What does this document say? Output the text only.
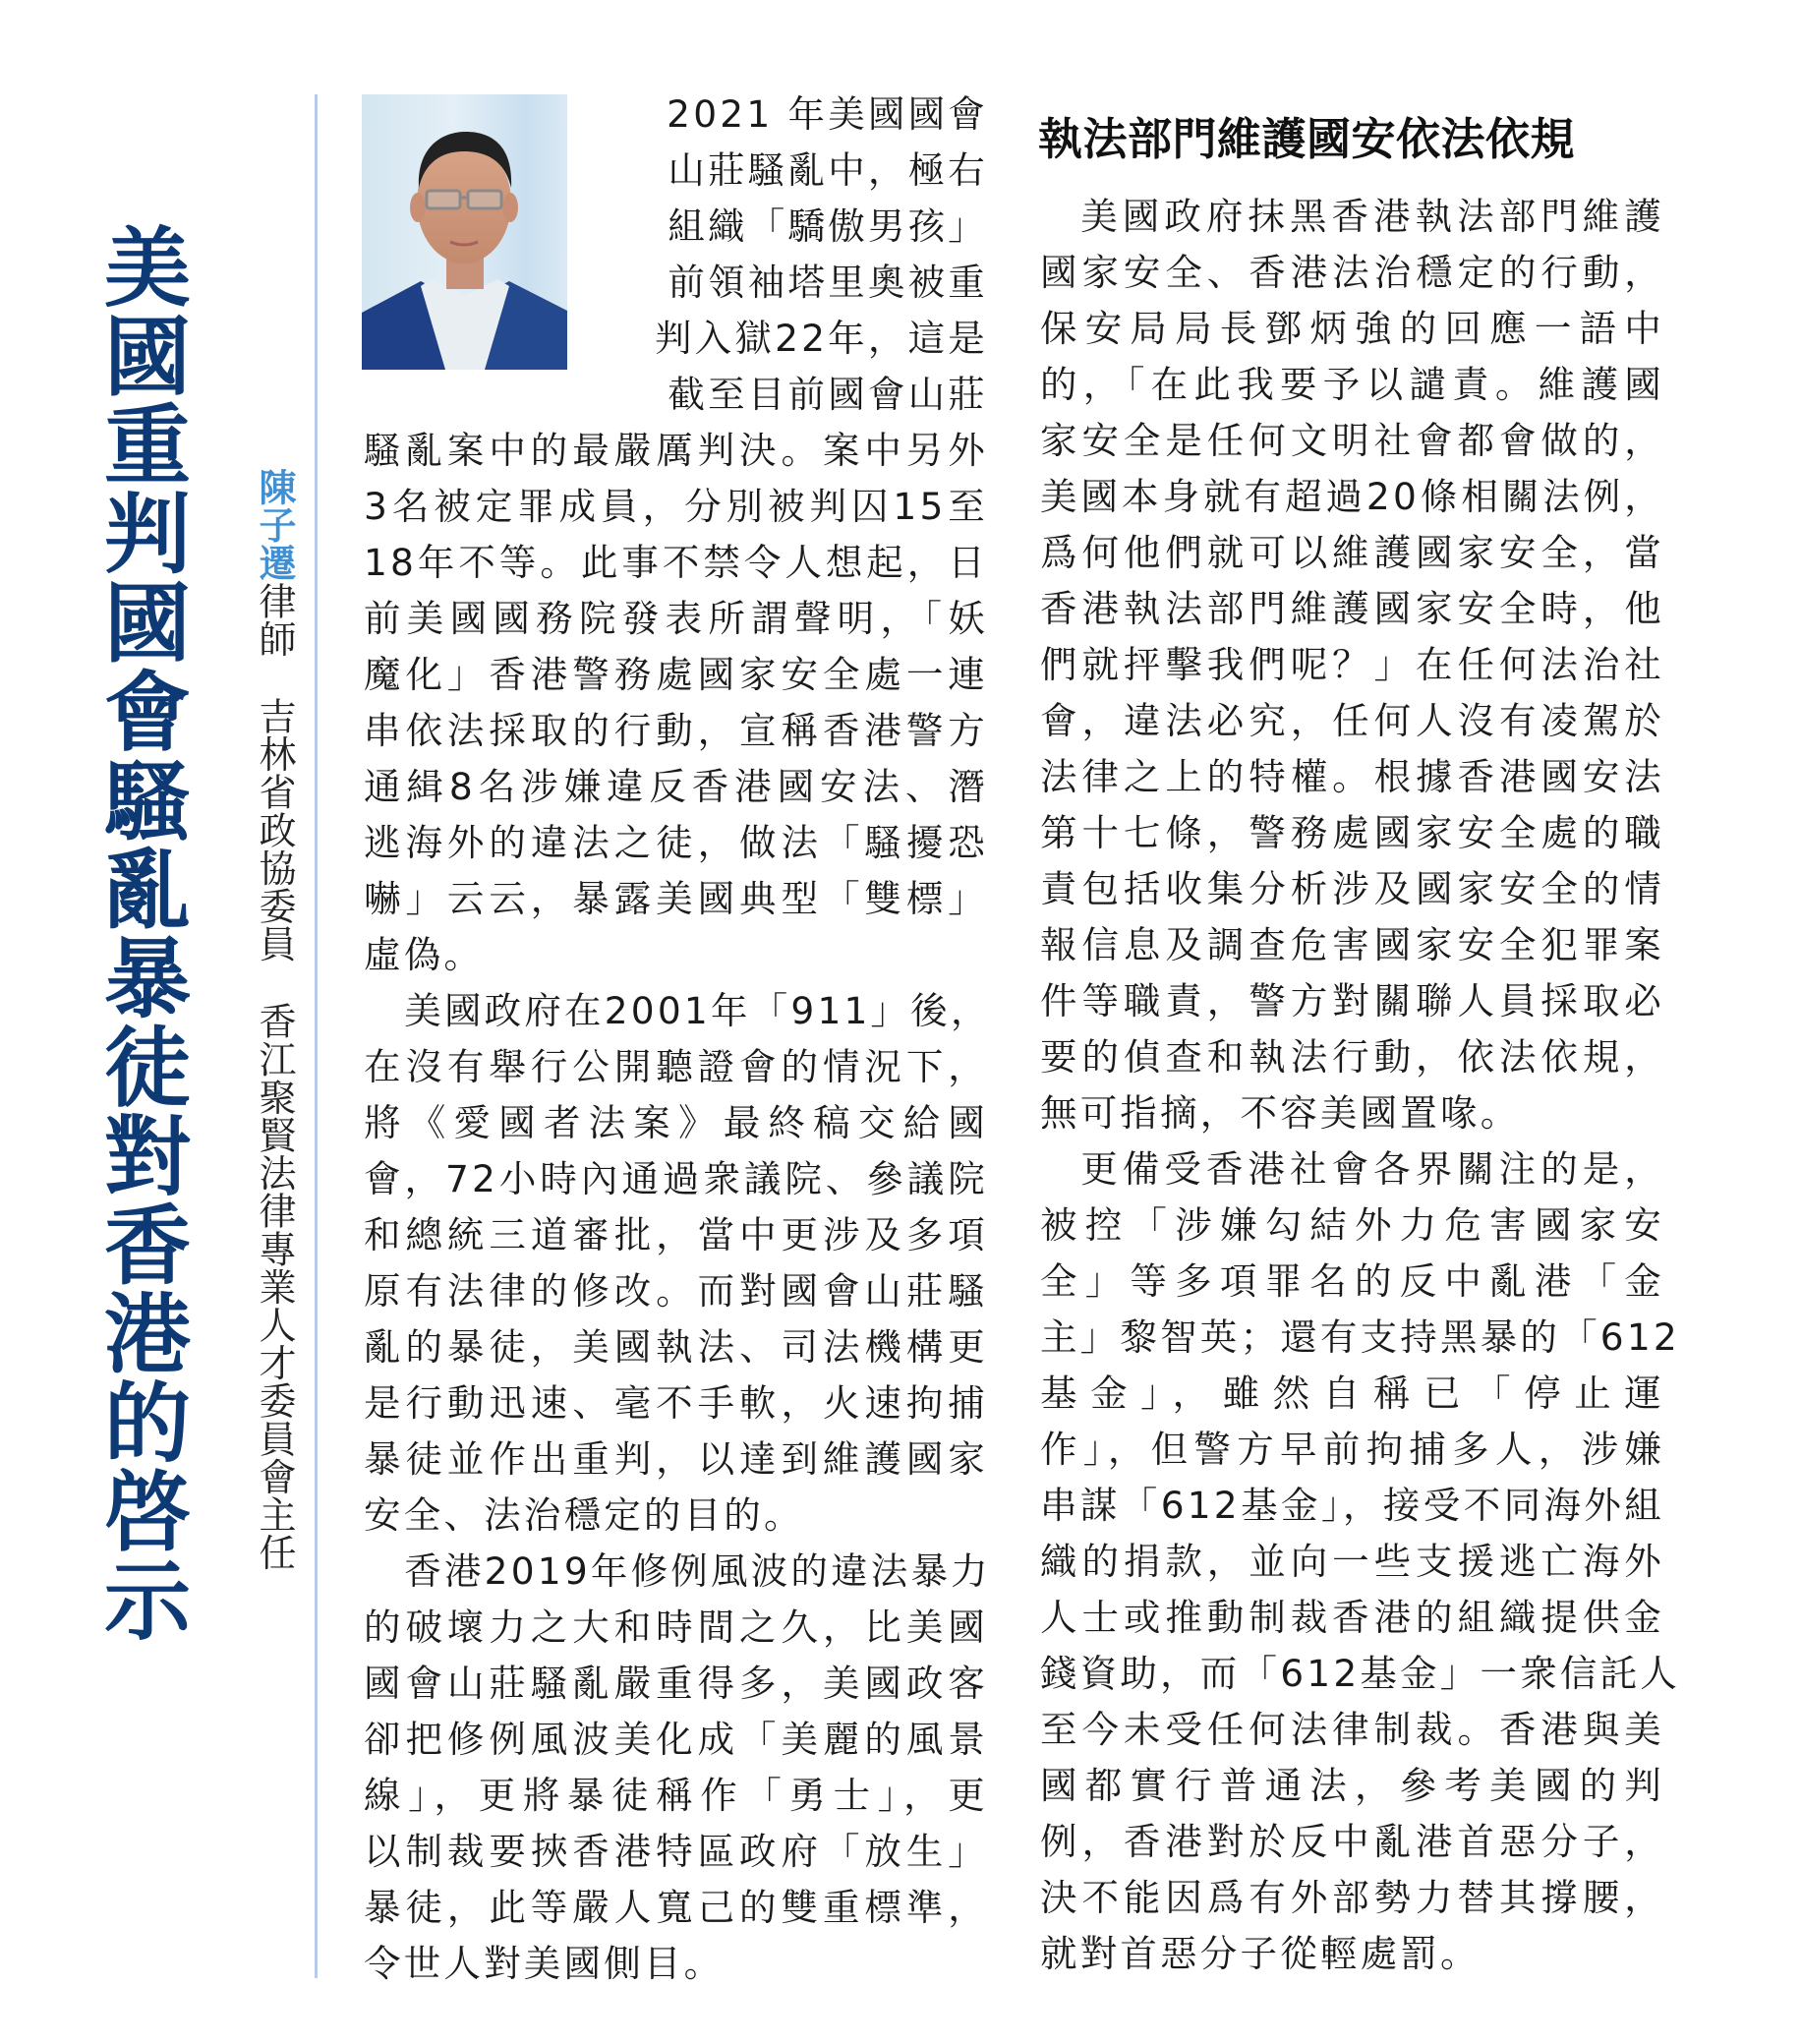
美國重判國會騷亂暴徒對香港的啓示 陳子遷律師吉林省政協委員香江聚賢法律專業人才委員會主任
2021 年美國國會
山莊騷亂中，極右
組織「驕傲男孩」
前領袖塔里奧被重
判入獄22年，這是
截至目前國會山莊
騷亂案中的最嚴厲判決。案中另外
3名被定罪成員，分別被判囚15至
18年不等。此事不禁令人想起，日
前美國國務院發表所謂聲明，「妖
魔化」香港警務處國家安全處一連
串依法採取的行動，宣稱香港警方
通緝8名涉嫌違反香港國安法、潛
逃海外的違法之徒，做法「騷擾恐
嚇」云云，暴露美國典型「雙標」
虛偽。
美國政府在2001年「911」後，
在沒有舉行公開聽證會的情況下，
將《愛國者法案》最終稿交給國
會，72小時內通過衆議院、參議院
和總統三道審批，當中更涉及多項
原有法律的修改。而對國會山莊騷
亂的暴徒，美國執法、司法機構更
是行動迅速、毫不手軟，火速拘捕
暴徒並作出重判，以達到維護國家
安全、法治穩定的目的。
香港2019年修例風波的違法暴力
的破壞力之大和時間之久，比美國
國會山莊騷亂嚴重得多，美國政客
卻把修例風波美化成「美麗的風景
線」，更將暴徒稱作「勇士」，更
以制裁要挾香港特區政府「放生」
暴徒，此等嚴人寬己的雙重標準，
令世人對美國側目。
執法部門維護國安依法依規
美國政府抹黑香港執法部門維護
國家安全、香港法治穩定的行動，
保安局局長鄧炳強的回應一語中
的，「在此我要予以譴責。維護國
家安全是任何文明社會都會做的，
美國本身就有超過20條相關法例，
爲何他們就可以維護國家安全，當
香港執法部門維護國家安全時，他
們就抨擊我們呢？」在任何法治社
會，違法必究，任何人沒有凌駕於
法律之上的特權。根據香港國安法
第十七條，警務處國家安全處的職
責包括收集分析涉及國家安全的情
報信息及調查危害國家安全犯罪案
件等職責，警方對關聯人員採取必
要的偵查和執法行動，依法依規，
無可指摘，不容美國置喙。
更備受香港社會各界關注的是，
被控「涉嫌勾結外力危害國家安
全」等多項罪名的反中亂港「金
主」黎智英；還有支持黑暴的「612
基金」，雖然自稱已「停止運
作」，但警方早前拘捕多人，涉嫌
串謀「612基金」，接受不同海外組
織的捐款，並向一些支援逃亡海外
人士或推動制裁香港的組織提供金
錢資助，而「612基金」一衆信託人
至今未受任何法律制裁。香港與美
國都實行普通法，參考美國的判
例，香港對於反中亂港首惡分子，
決不能因爲有外部勢力替其撐腰，
就對首惡分子從輕處罰。
